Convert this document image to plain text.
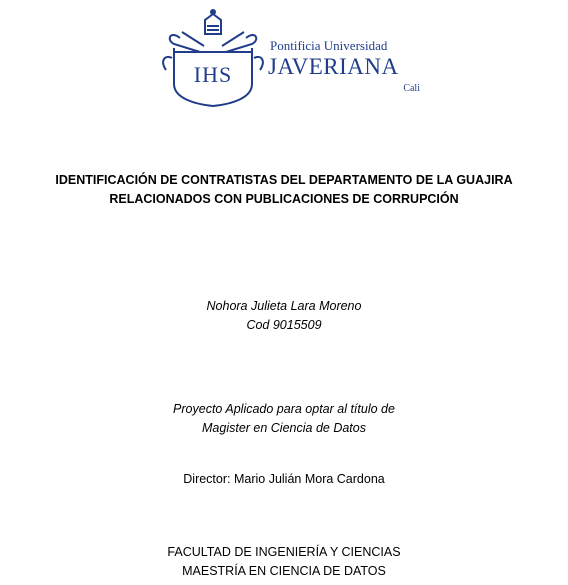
IHS
Pontificia Universidad
JAVERIANA
Cali
IDENTIFICACIÓN DE CONTRATISTAS DEL DEPARTAMENTO DE LA GUAJIRA
RELACIONADOS CON PUBLICACIONES DE CORRUPCIÓN
Nohora Julieta Lara Moreno
Cod 9015509
Proyecto Aplicado para optar al título de
Magister en Ciencia de Datos
Director: Mario Julián Mora Cardona
FACULTAD DE INGENIERÍA Y CIENCIAS
MAESTRÍA EN CIENCIA DE DATOS
